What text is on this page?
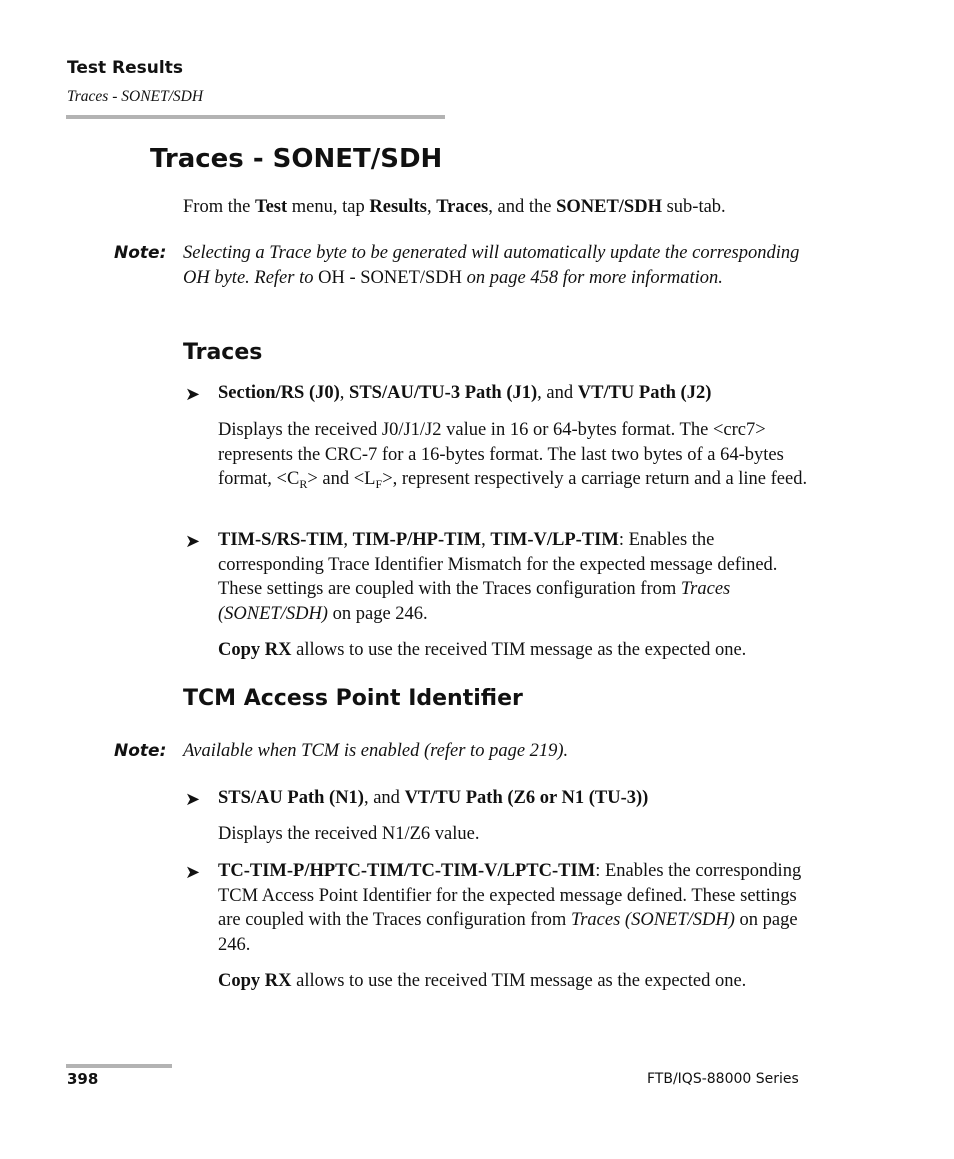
Test Results
Traces - SONET/SDH
Traces - SONET/SDH
From the Test menu, tap Results, Traces, and the SONET/SDH sub-tab.
Note: Selecting a Trace byte to be generated will automatically update the corresponding OH byte. Refer to OH - SONET/SDH on page 458 for more information.
Traces
➤ Section/RS (J0), STS/AU/TU-3 Path (J1), and VT/TU Path (J2)
Displays the received J0/J1/J2 value in 16 or 64-bytes format. The <crc7> represents the CRC-7 for a 16-bytes format. The last two bytes of a 64-bytes format, $<C_R>$ and $<L_F>$, represent respectively a carriage return and a line feed.
➤ TIM-S/RS-TIM, TIM-P/HP-TIM, TIM-V/LP-TIM: Enables the corresponding Trace Identifier Mismatch for the expected message defined. These settings are coupled with the Traces configuration from Traces (SONET/SDH) on page 246.
Copy RX allows to use the received TIM message as the expected one.
TCM Access Point Identifier
Note: Available when TCM is enabled (refer to page 219).
➤ STS/AU Path (N1), and VT/TU Path (Z6 or N1 (TU-3))
Displays the received N1/Z6 value.
➤ TC-TIM-P/HPTC-TIM/TC-TIM-V/LPTC-TIM: Enables the corresponding TCM Access Point Identifier for the expected message defined. These settings are coupled with the Traces configuration from Traces (SONET/SDH) on page 246.
Copy RX allows to use the received TIM message as the expected one.
398	FTB/IQS-88000 Series
